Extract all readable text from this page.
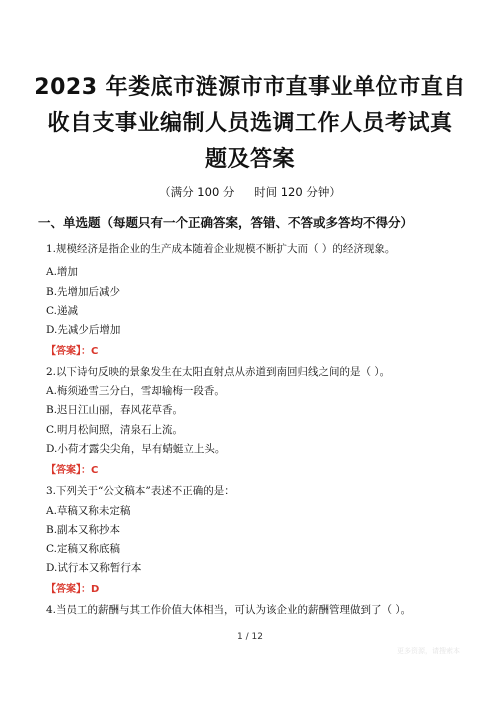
2023 年娄底市涟源市市直事业单位市直自
收自支事业编制人员选调工作人员考试真
题及答案
（满分 100 分 时间 120 分钟）
一、单选题（每题只有一个正确答案，答错、不答或多答均不得分）
1.规模经济是指企业的生产成本随着企业规模不断扩大而（ ）的经济现象。
A.增加
B.先增加后减少
C.递减
D.先减少后增加
【答案】：C
2.以下诗句反映的景象发生在太阳直射点从赤道到南回归线之间的是（ ）。
A.梅须逊雪三分白，雪却输梅一段香。
B.迟日江山丽，春风花草香。
C.明月松间照，清泉石上流。
D.小荷才露尖尖角，早有蜻蜓立上头。
【答案】：C
3.下列关于“公文稿本”表述不正确的是：
A.草稿又称未定稿
B.副本又称抄本
C.定稿又称底稿
D.试行本又称暂行本
【答案】：D
4.当员工的薪酬与其工作价值大体相当，可认为该企业的薪酬管理做到了（ ）。
1 / 12
更多资源，请搜索本
